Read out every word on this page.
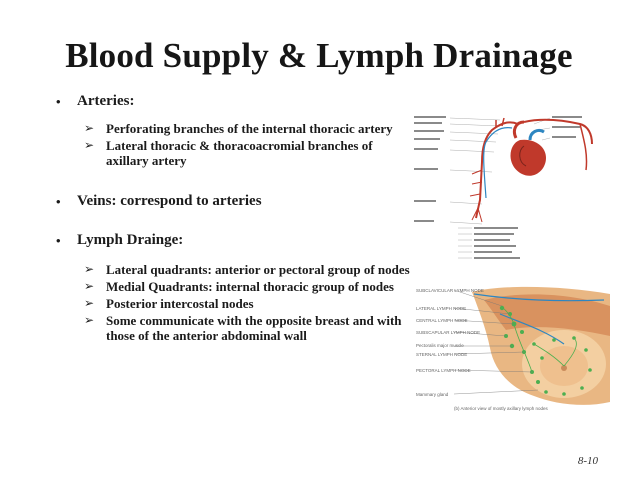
Blood Supply & Lymph Drainage
• Arteries:
➢ Perforating branches of the internal thoracic artery
➢ Lateral thoracic & thoracoacromial branches of axillary artery
• Veins: correspond to arteries
• Lymph Drainge:
➢ Lateral quadrants: anterior or pectoral group of nodes
➢ Medial Quadrants: internal thoracic group of nodes
➢ Posterior intercostal nodes
➢ Some communicate with the opposite breast and with those of the anterior abdominal wall
SUBCLAVICULAR LYMPH NODE
LATERAL LYMPH NODE
CENTRAL LYMPH NODE
SUBSCAPULAR LYMPH NODE
Pectoralis major muscle
STERNAL LYMPH NODE
PECTORAL LYMPH NODE
Mammary gland
(b) Anterior view of mostly axillary lymph nodes
8-10
